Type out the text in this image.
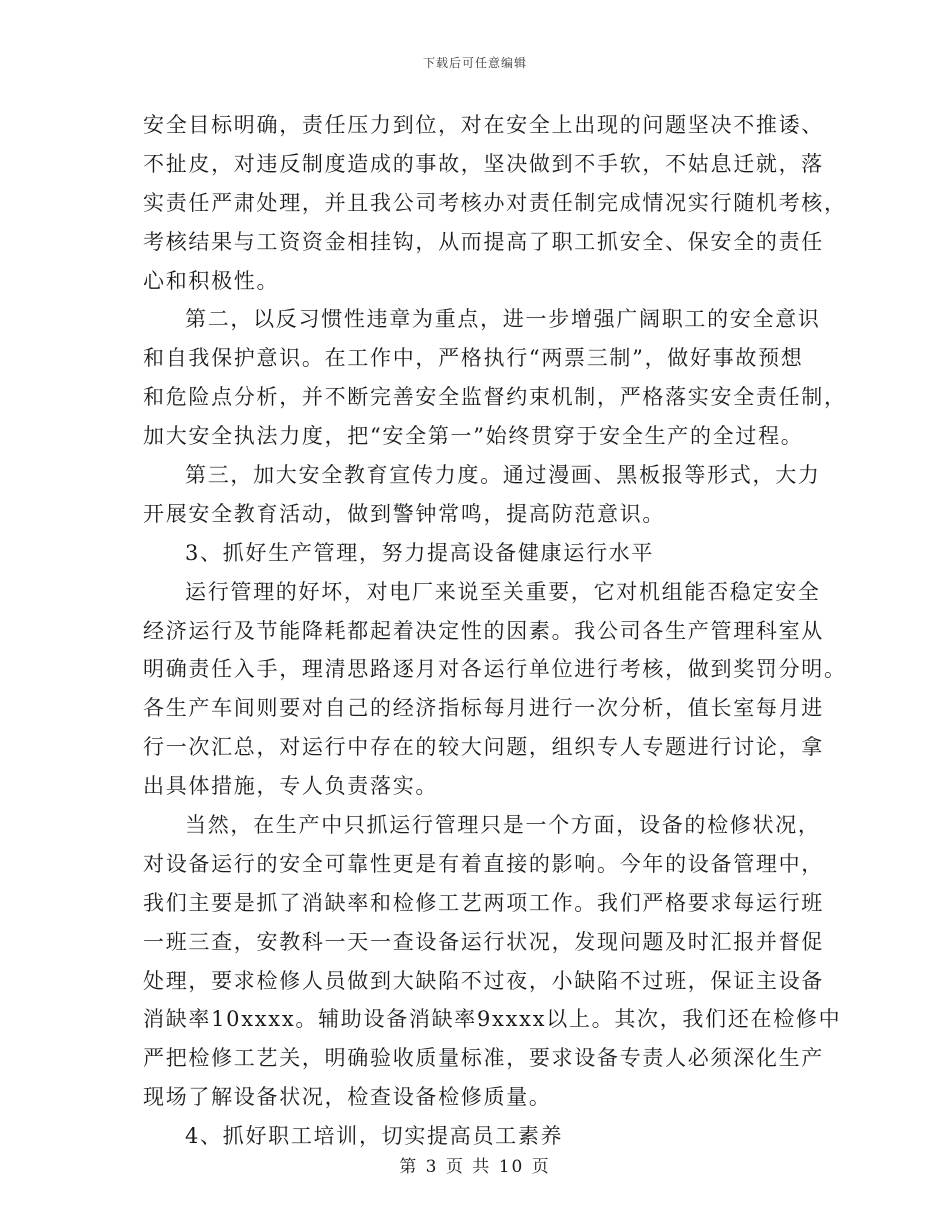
下载后可任意编辑
安全目标明确，责任压力到位，对在安全上出现的问题坚决不推诿、
不扯皮，对违反制度造成的事故，坚决做到不手软，不姑息迁就，落
实责任严肃处理，并且我公司考核办对责任制完成情况实行随机考核，
考核结果与工资资金相挂钩，从而提高了职工抓安全、保安全的责任
心和积极性。
第二，以反习惯性违章为重点，进一步增强广阔职工的安全意识
和自我保护意识。在工作中，严格执行“两票三制”，做好事故预想
和危险点分析，并不断完善安全监督约束机制，严格落实安全责任制，
加大安全执法力度，把“安全第一”始终贯穿于安全生产的全过程。
第三，加大安全教育宣传力度。通过漫画、黑板报等形式，大力
开展安全教育活动，做到警钟常鸣，提高防范意识。
3、抓好生产管理，努力提高设备健康运行水平
运行管理的好坏，对电厂来说至关重要，它对机组能否稳定安全
经济运行及节能降耗都起着决定性的因素。我公司各生产管理科室从
明确责任入手，理清思路逐月对各运行单位进行考核，做到奖罚分明。
各生产车间则要对自己的经济指标每月进行一次分析，值长室每月进
行一次汇总，对运行中存在的较大问题，组织专人专题进行讨论，拿
出具体措施，专人负责落实。
当然，在生产中只抓运行管理只是一个方面，设备的检修状况，
对设备运行的安全可靠性更是有着直接的影响。今年的设备管理中，
我们主要是抓了消缺率和检修工艺两项工作。我们严格要求每运行班
一班三查，安教科一天一查设备运行状况，发现问题及时汇报并督促
处理，要求检修人员做到大缺陷不过夜，小缺陷不过班，保证主设备
消缺率10xxxx。辅助设备消缺率9xxxx以上。其次，我们还在检修中
严把检修工艺关，明确验收质量标准，要求设备专责人必须深化生产
现场了解设备状况，检查设备检修质量。
4、抓好职工培训，切实提高员工素养
第 3 页 共 10 页
